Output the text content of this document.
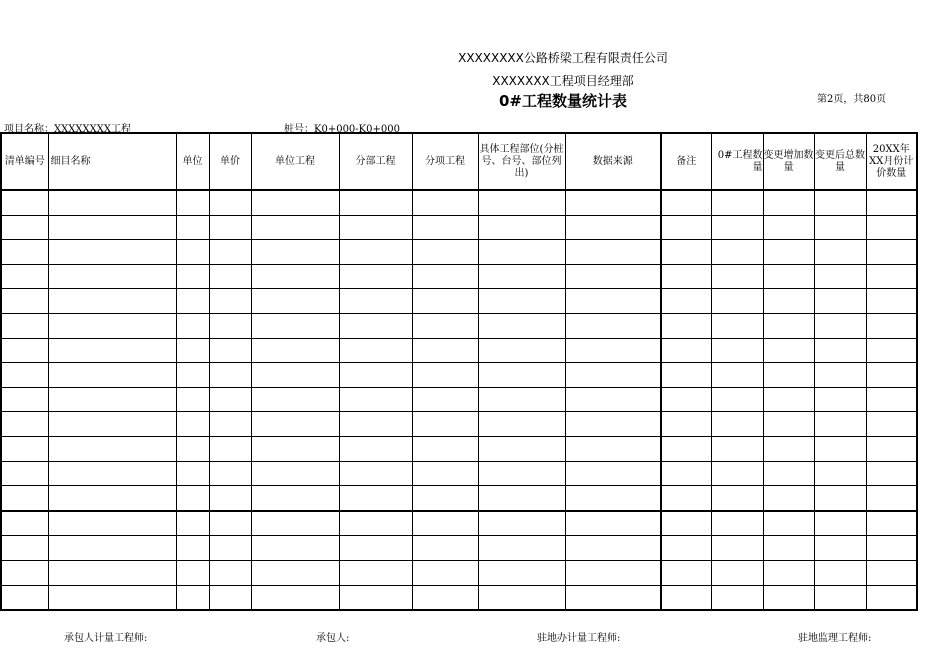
XXXXXXXX公路桥梁工程有限责任公司
XXXXXXX工程项目经理部
0#工程数量统计表	第2页，共80页
项目名称：XXXXXXXX工程	桩号：K0+000-K0+000
清单编号	细目名称	单位	单价	单位工程	分部工程	分项工程	具体工程部位(分桩号、台号、部位列出)	数据来源	备注	0#工程数量	变更增加数量	变更后总数量	20XX年XX月份计价数量

承包人计量工程师:	承包人:	驻地办计量工程师:	驻地监理工程师:
